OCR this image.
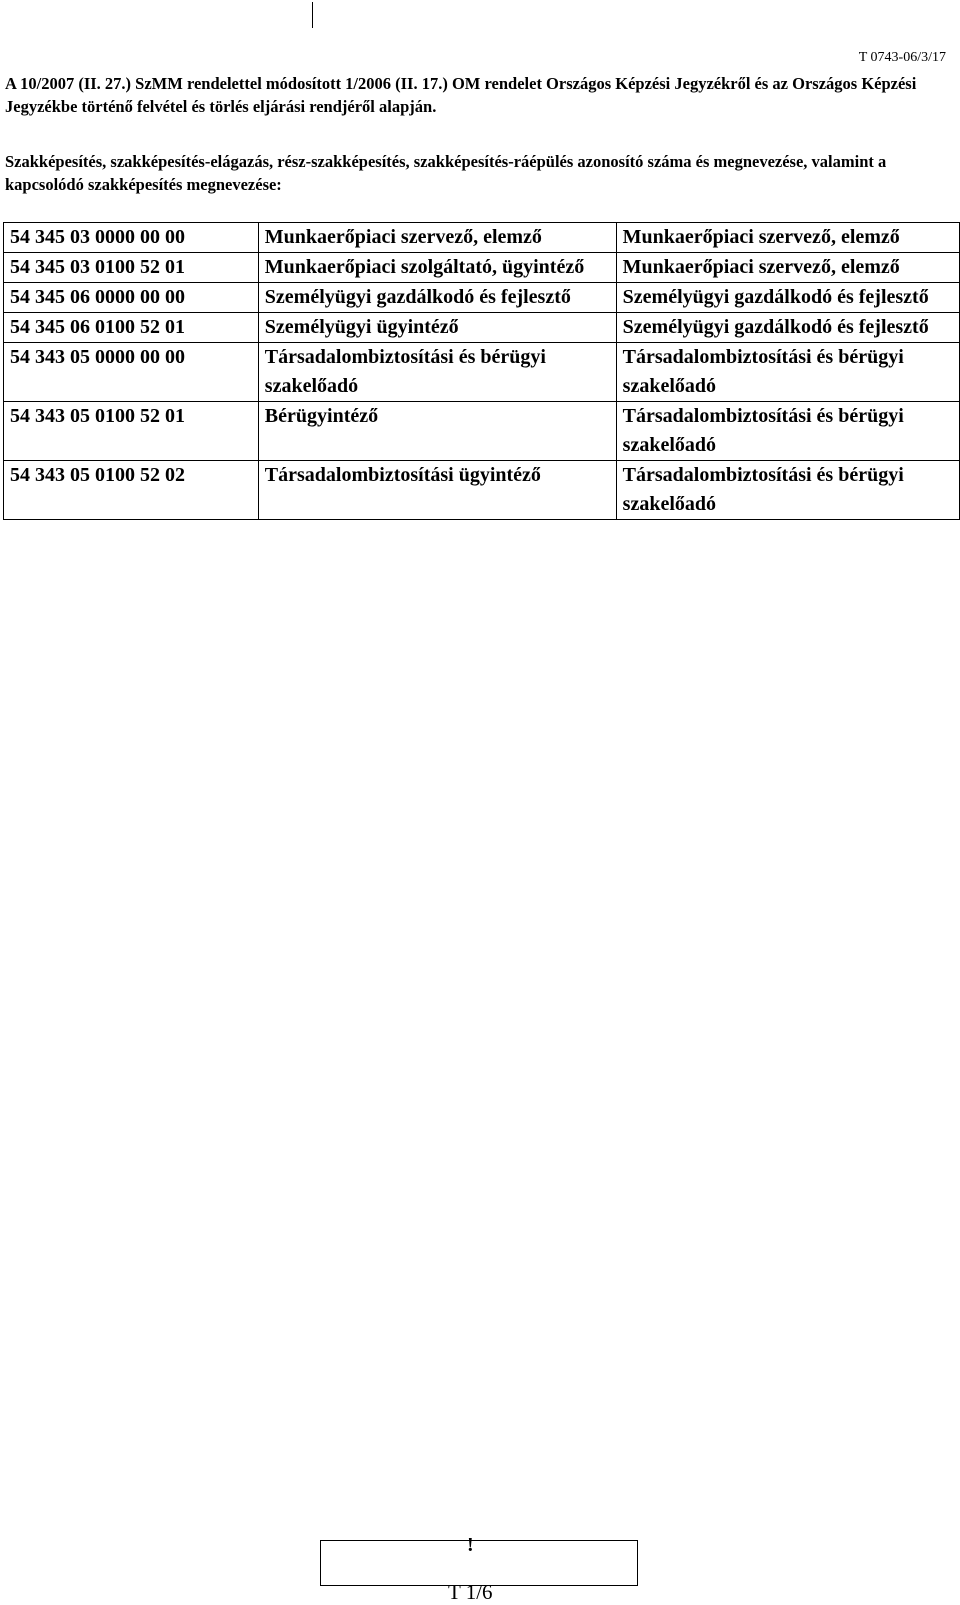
T 0743-06/3/17
A 10/2007 (II. 27.) SzMM rendelettel módosított 1/2006 (II. 17.) OM rendelet Országos Képzési Jegyzékről és az Országos Képzési Jegyzékbe történő felvétel és törlés eljárási rendjéről alapján.
Szakképesítés, szakképesítés-elágazás, rész-szakképesítés, szakképesítés-ráépülés azonosító száma és megnevezése, valamint a kapcsolódó szakképesítés megnevezése:
54 345 03 0000 00 00	Munkaerőpiaci szervező, elemző	Munkaerőpiaci szervező, elemző
54 345 03 0100 52 01	Munkaerőpiaci szolgáltató, ügyintéző	Munkaerőpiaci szervező, elemző
54 345 06 0000 00 00	Személyügyi gazdálkodó és fejlesztő	Személyügyi gazdálkodó és fejlesztő
54 345 06 0100 52 01	Személyügyi ügyintéző	Személyügyi gazdálkodó és fejlesztő
54 343 05 0000 00 00	Társadalombiztosítási és bérügyi szakelőadó	Társadalombiztosítási és bérügyi szakelőadó
54 343 05 0100 52 01	Bérügyintéző	Társadalombiztosítási és bérügyi szakelőadó
54 343 05 0100 52 02	Társadalombiztosítási ügyintéző	Társadalombiztosítási és bérügyi szakelőadó
!
T 1/6
